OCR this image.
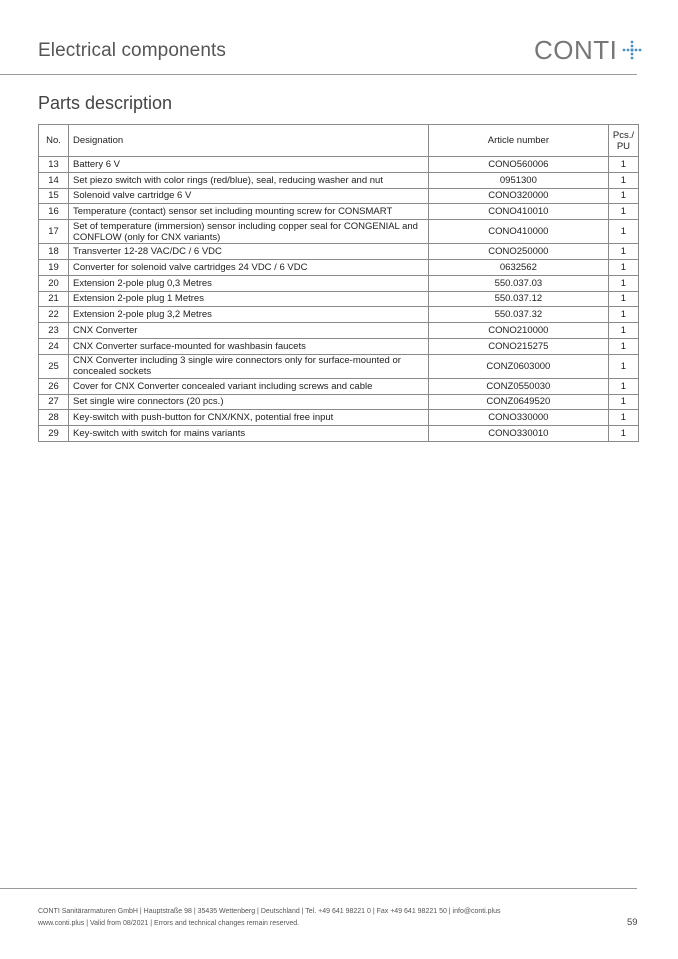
Electrical components	CONTI
Parts description
No.	Designation	Article number	Pcs./
PU
13	Battery 6 V	CONO560006	1
14	Set piezo switch with color rings (red/blue), seal, reducing washer and nut	0951300	1
15	Solenoid valve cartridge 6 V	CONO320000	1
16	Temperature (contact) sensor set including mounting screw for CONSMART	CONO410010	1
17	Set of temperature (immersion) sensor including copper seal for CONGENIAL and CONFLOW (only for CNX variants)	CONO410000	1
18	Transverter 12-28 VAC/DC / 6 VDC	CONO250000	1
19	Converter for solenoid valve cartridges 24 VDC / 6 VDC	0632562	1
20	Extension 2-pole plug 0,3 Metres	550.037.03	1
21	Extension 2-pole plug 1 Metres	550.037.12	1
22	Extension 2-pole plug 3,2 Metres	550.037.32	1
23	CNX Converter	CONO210000	1
24	CNX Converter surface-mounted for washbasin faucets	CONO215275	1
25	CNX Converter including 3 single wire connectors only for surface-mounted or concealed sockets	CONZ0603000	1
26	Cover for CNX Converter concealed variant including screws and cable	CONZ0550030	1
27	Set single wire connectors (20 pcs.)	CONZ0649520	1
28	Key-switch with push-button for CNX/KNX, potential free input	CONO330000	1
29	Key-switch with switch for mains variants	CONO330010	1
CONTI Sanitärarmaturen GmbH | Hauptstraße 98 | 35435 Wettenberg | Deutschland | Tel. +49 641 98221 0 | Fax +49 641 98221 50 | info@conti.plus
www.conti.plus | Valid from 08/2021 | Errors and technical changes remain reserved.	59
